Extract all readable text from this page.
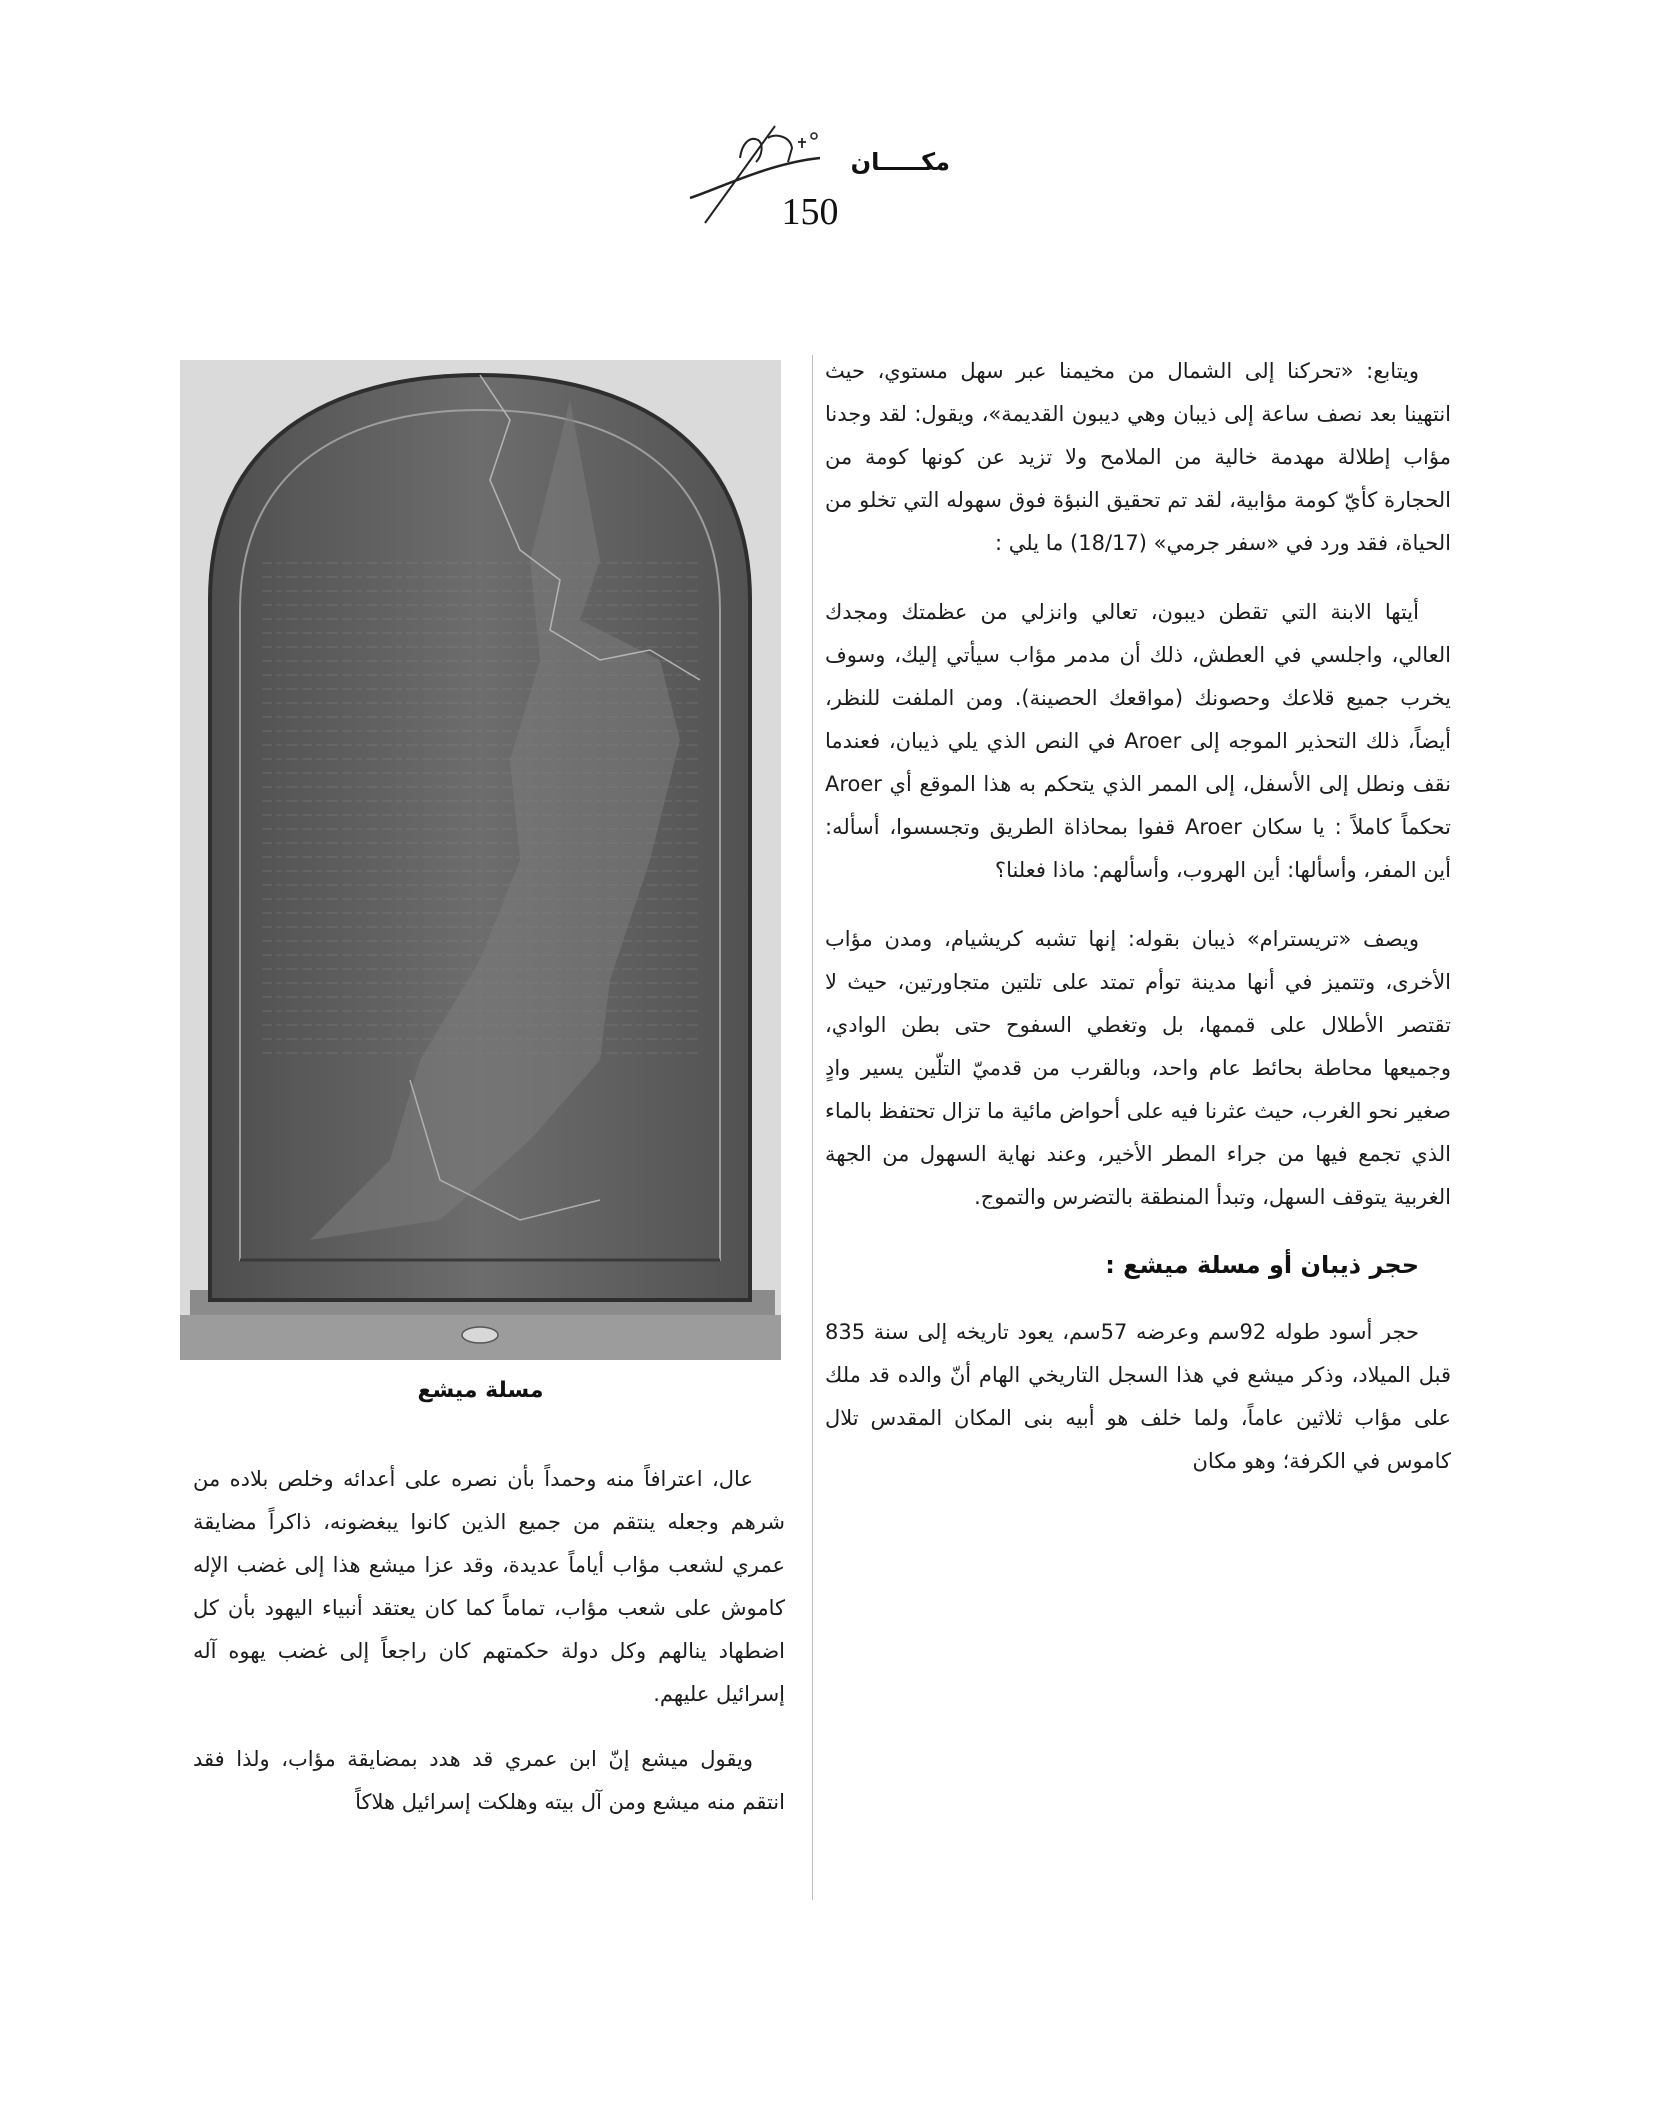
مكـــــان
150

ويتابع: «تحركنا إلى الشمال من مخيمنا عبر سهل مستوي، حيث انتهينا بعد نصف ساعة إلى ذيبان وهي ديبون القديمة»، ويقول: لقد وجدنا مؤاب إطلالة مهدمة خالية من الملامح ولا تزيد عن كونها كومة من الحجارة كأيّ كومة مؤابية، لقد تم تحقيق النبؤة فوق سهوله التي تخلو من الحياة، فقد ورد في «سفر جرمي» (18/17) ما يلي :

أيتها الابنة التي تقطن ديبون، تعالي وانزلي من عظمتك ومجدك العالي، واجلسي في العطش، ذلك أن مدمر مؤاب سيأتي إليك، وسوف يخرب جميع قلاعك وحصونك (مواقعك الحصينة). ومن الملفت للنظر، أيضاً، ذلك التحذير الموجه إلى Aroer في النص الذي يلي ذيبان، فعندما نقف ونطل إلى الأسفل، إلى الممر الذي يتحكم به هذا الموقع أي Aroer تحكماً كاملاً : يا سكان Aroer قفوا بمحاذاة الطريق وتجسسوا، أسأله: أين المفر، وأسألها: أين الهروب، وأسألهم: ماذا فعلنا؟

ويصف «تريسترام» ذيبان بقوله: إنها تشبه كريشيام، ومدن مؤاب الأخرى، وتتميز في أنها مدينة توأم تمتد على تلتين متجاورتين، حيث لا تقتصر الأطلال على قممها، بل وتغطي السفوح حتى بطن الوادي، وجميعها محاطة بحائط عام واحد، وبالقرب من قدميّ التلّين يسير وادٍ صغير نحو الغرب، حيث عثرنا فيه على أحواض مائية ما تزال تحتفظ بالماء الذي تجمع فيها من جراء المطر الأخير، وعند نهاية السهول من الجهة الغربية يتوقف السهل، وتبدأ المنطقة بالتضرس والتموج.

حجر ذيبان أو مسلة ميشع :

حجر أسود طوله 92سم وعرضه 57سم، يعود تاريخه إلى سنة 835 قبل الميلاد، وذكر ميشع في هذا السجل التاريخي الهام أنّ والده قد ملك على مؤاب ثلاثين عاماً، ولما خلف هو أبيه بنى المكان المقدس تلال كاموس في الكرفة؛ وهو مكان

مسلة ميشع

عال، اعترافاً منه وحمداً بأن نصره على أعدائه وخلص بلاده من شرهم وجعله ينتقم من جميع الذين كانوا يبغضونه، ذاكراً مضايقة عمري لشعب مؤاب أياماً عديدة، وقد عزا ميشع هذا إلى غضب الإله كاموش على شعب مؤاب، تماماً كما كان يعتقد أنبياء اليهود بأن كل اضطهاد ينالهم وكل دولة حكمتهم كان راجعاً إلى غضب يهوه آله إسرائيل عليهم.

ويقول ميشع إنّ ابن عمري قد هدد بمضايقة مؤاب، ولذا فقد انتقم منه ميشع ومن آل بيته وهلكت إسرائيل هلاكاً
